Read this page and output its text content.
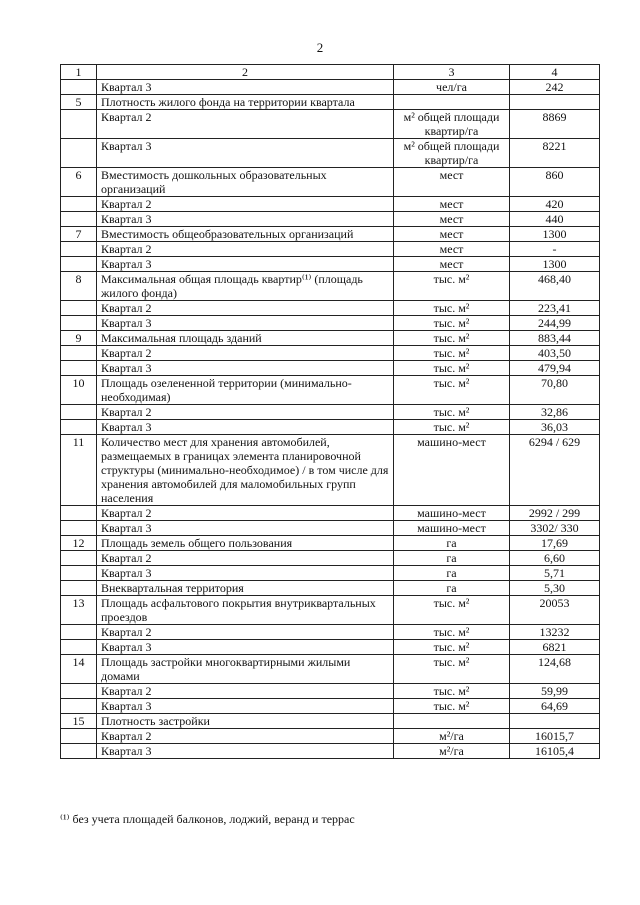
2
1	2	3	4
	Квартал 3	чел/га	242
5	Плотность жилого фонда на территории квартала		
	Квартал 2	м² общей площади квартир/га	8869
	Квартал 3	м² общей площади квартир/га	8221
6	Вместимость дошкольных образовательных организаций	мест	860
	Квартал 2	мест	420
	Квартал 3	мест	440
7	Вместимость общеобразовательных организаций	мест	1300
	Квартал 2	мест	-
	Квартал 3	мест	1300
8	Максимальная общая площадь квартир⁽¹⁾ (площадь жилого фонда)	тыс. м²	468,40
	Квартал 2	тыс. м²	223,41
	Квартал 3	тыс. м²	244,99
9	Максимальная площадь зданий	тыс. м²	883,44
	Квартал 2	тыс. м²	403,50
	Квартал 3	тыс. м²	479,94
10	Площадь озелененной территории (минимально-необходимая)	тыс. м²	70,80
	Квартал 2	тыс. м²	32,86
	Квартал 3	тыс. м²	36,03
11	Количество мест для хранения автомобилей, размещаемых в границах элемента планировочной структуры (минимально-необходимое) / в том числе для хранения автомобилей для маломобильных групп населения	машино-мест	6294 / 629
	Квартал 2	машино-мест	2992 / 299
	Квартал 3	машино-мест	3302/ 330
12	Площадь земель общего пользования	га	17,69
	Квартал 2	га	6,60
	Квартал 3	га	5,71
	Внеквартальная территория	га	5,30
13	Площадь асфальтового покрытия внутриквартальных проездов	тыс. м²	20053
	Квартал 2	тыс. м²	13232
	Квартал 3	тыс. м²	6821
14	Площадь застройки многоквартирными жилыми домами	тыс. м²	124,68
	Квартал 2	тыс. м²	59,99
	Квартал 3	тыс. м²	64,69
15	Плотность застройки		
	Квартал 2	м²/га	16015,7
	Квартал 3	м²/га	16105,4
⁽¹⁾ без учета площадей балконов, лоджий, веранд и террас
